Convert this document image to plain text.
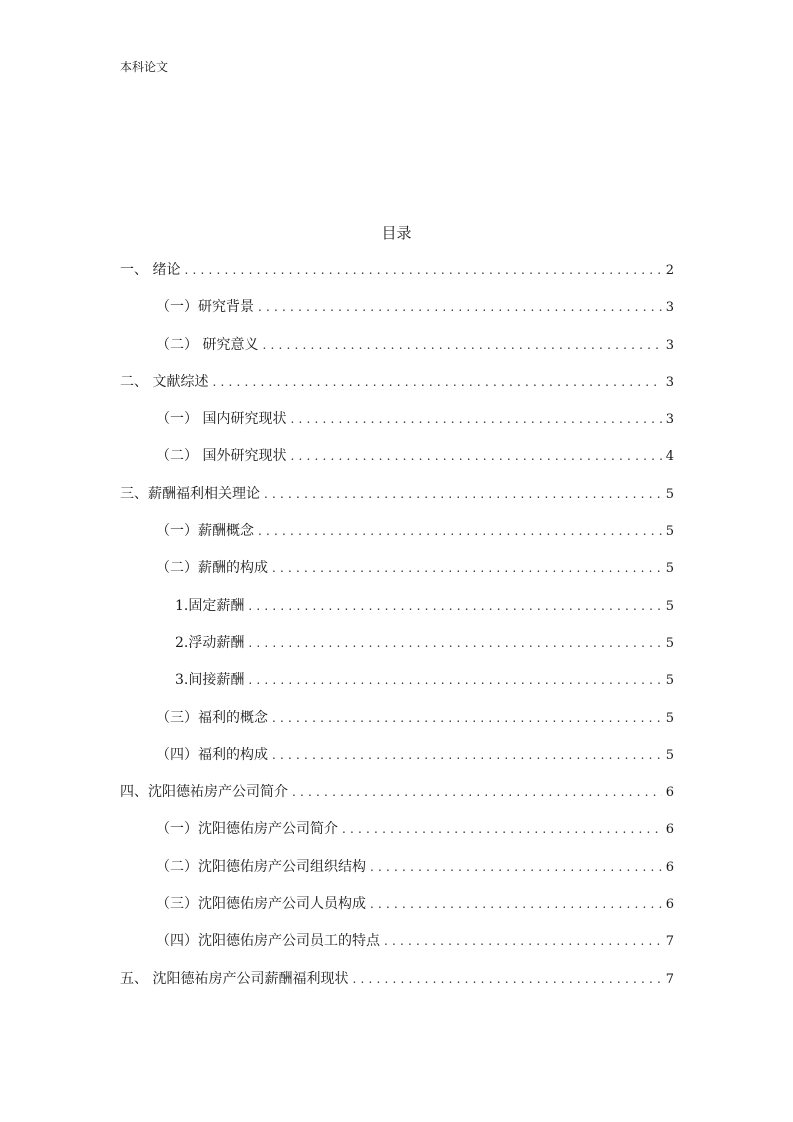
本科论文
目录
一、 绪论 .....	2
（一）研究背景 .....	3
（二） 研究意义 .....	3
二、 文献综述 .....	3
（一） 国内研究现状 .....	3
（二） 国外研究现状 .....	4
三、薪酬福利相关理论 .....	5
（一）薪酬概念 .....	5
（二）薪酬的构成 .....	5
1.固定薪酬 .....	5
2.浮动薪酬 .....	5
3.间接薪酬 .....	5
（三）福利的概念 .....	5
（四）福利的构成 .....	5
四、沈阳德祐房产公司简介 .....	6
（一）沈阳德佑房产公司简介 .....	6
（二）沈阳德佑房产公司组织结构 .....	6
（三）沈阳德佑房产公司人员构成 .....	6
（四）沈阳德佑房产公司员工的特点 .....	7
五、 沈阳德祐房产公司薪酬福利现状 .....	7
